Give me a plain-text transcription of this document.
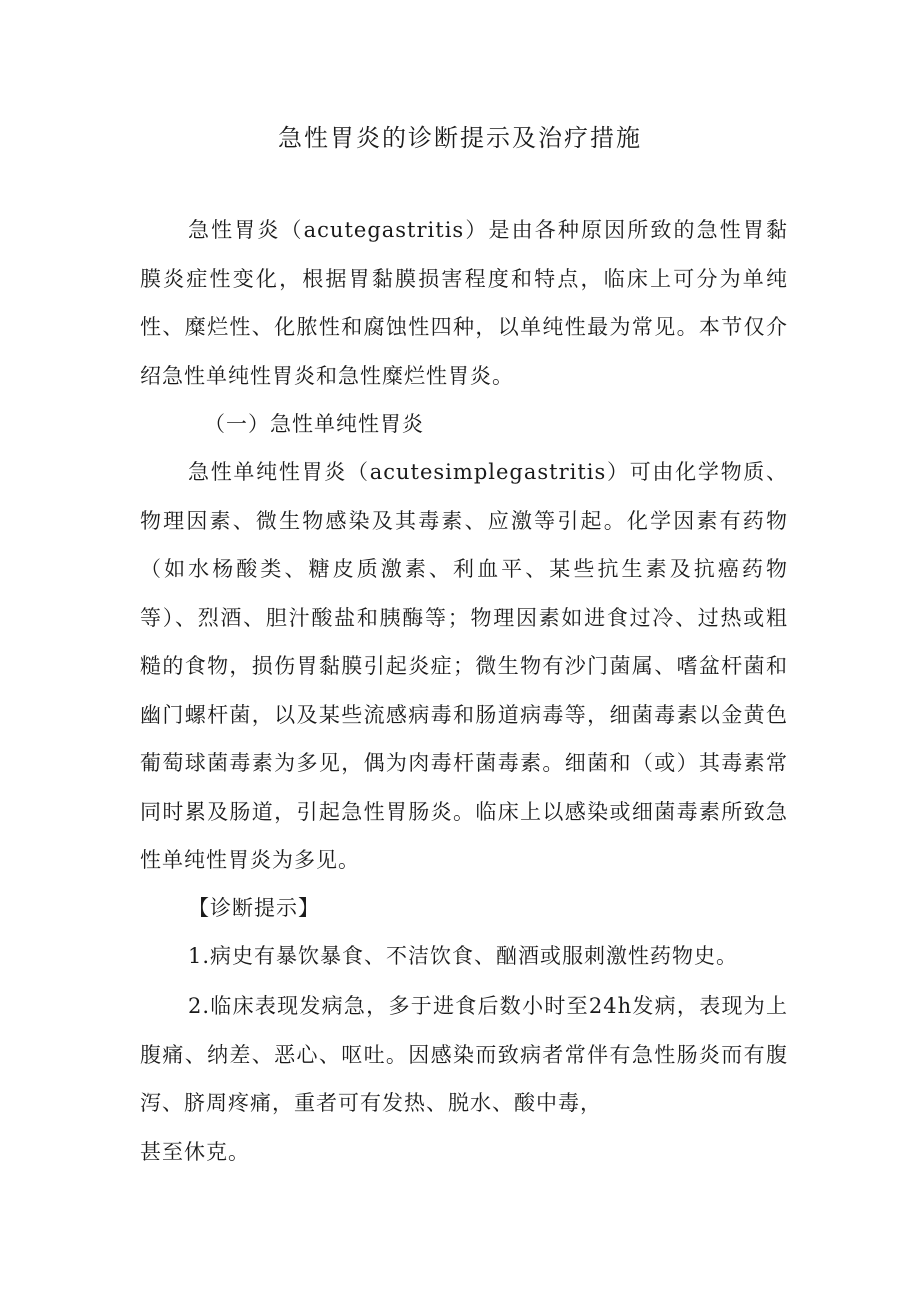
急性胃炎的诊断提示及治疗措施

急性胃炎（acutegastritis）是由各种原因所致的急性胃黏膜炎症性变化，根据胃黏膜损害程度和特点，临床上可分为单纯性、糜烂性、化脓性和腐蚀性四种，以单纯性最为常见。本节仅介绍急性单纯性胃炎和急性糜烂性胃炎。

（一）急性单纯性胃炎

急性单纯性胃炎（acutesimplegastritis）可由化学物质、物理因素、微生物感染及其毒素、应激等引起。化学因素有药物（如水杨酸类、糖皮质激素、利血平、某些抗生素及抗癌药物等）、烈酒、胆汁酸盐和胰酶等；物理因素如进食过冷、过热或粗糙的食物，损伤胃黏膜引起炎症；微生物有沙门菌属、嗜盆杆菌和幽门螺杆菌，以及某些流感病毒和肠道病毒等，细菌毒素以金黄色葡萄球菌毒素为多见，偶为肉毒杆菌毒素。细菌和（或）其毒素常同时累及肠道，引起急性胃肠炎。临床上以感染或细菌毒素所致急性单纯性胃炎为多见。

【诊断提示】

1.病史有暴饮暴食、不洁饮食、酗酒或服刺激性药物史。

2.临床表现发病急，多于进食后数小时至24h发病，表现为上腹痛、纳差、恶心、呕吐。因感染而致病者常伴有急性肠炎而有腹泻、脐周疼痛，重者可有发热、脱水、酸中毒，

甚至休克。
